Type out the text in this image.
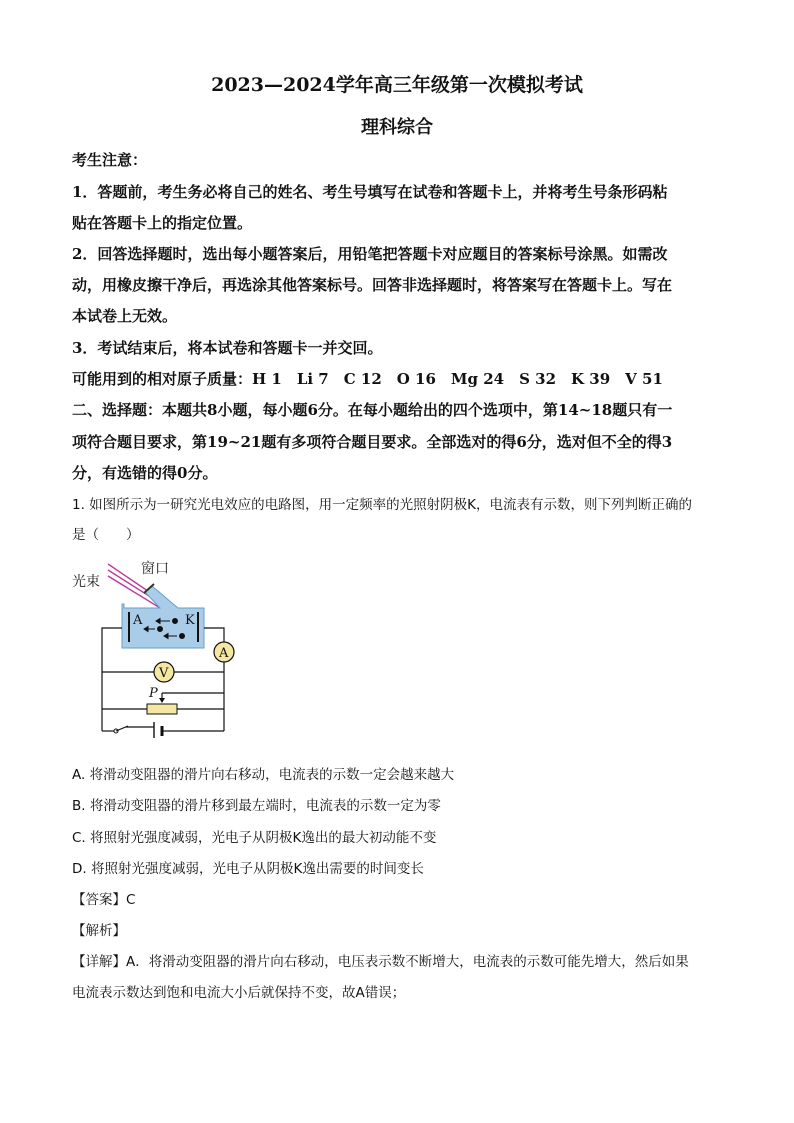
2023—2024学年高三年级第一次模拟考试
理科综合
考生注意：
1．答题前，考生务必将自己的姓名、考生号填写在试卷和答题卡上，并将考生号条形码粘
贴在答题卡上的指定位置。
2．回答选择题时，选出每小题答案后，用铅笔把答题卡对应题目的答案标号涂黑。如需改
动，用橡皮擦干净后，再选涂其他答案标号。回答非选择题时，将答案写在答题卡上。写在
本试卷上无效。
3．考试结束后，将本试卷和答题卡一并交回。
可能用到的相对原子质量：H 1　Li 7　C 12　O 16　Mg 24　S 32　K 39　V 51
二、选择题：本题共8小题，每小题6分。在每小题给出的四个选项中，第14~18题只有一
项符合题目要求，第19~21题有多项符合题目要求。全部选对的得6分，选对但不全的得3
分，有选错的得0分。
1. 如图所示为一研究光电效应的电路图，用一定频率的光照射阴极K，电流表有示数，则下列判断正确的
是（　　）
光束
窗口
A	K
P
A
V
A. 将滑动变阻器的滑片向右移动，电流表的示数一定会越来越大
B. 将滑动变阻器的滑片移到最左端时，电流表的示数一定为零
C. 将照射光强度减弱，光电子从阴极K逸出的最大初动能不变
D. 将照射光强度减弱，光电子从阴极K逸出需要的时间变长
【答案】C
【解析】
【详解】A．将滑动变阻器的滑片向右移动，电压表示数不断增大，电流表的示数可能先增大，然后如果
电流表示数达到饱和电流大小后就保持不变，故A错误；
